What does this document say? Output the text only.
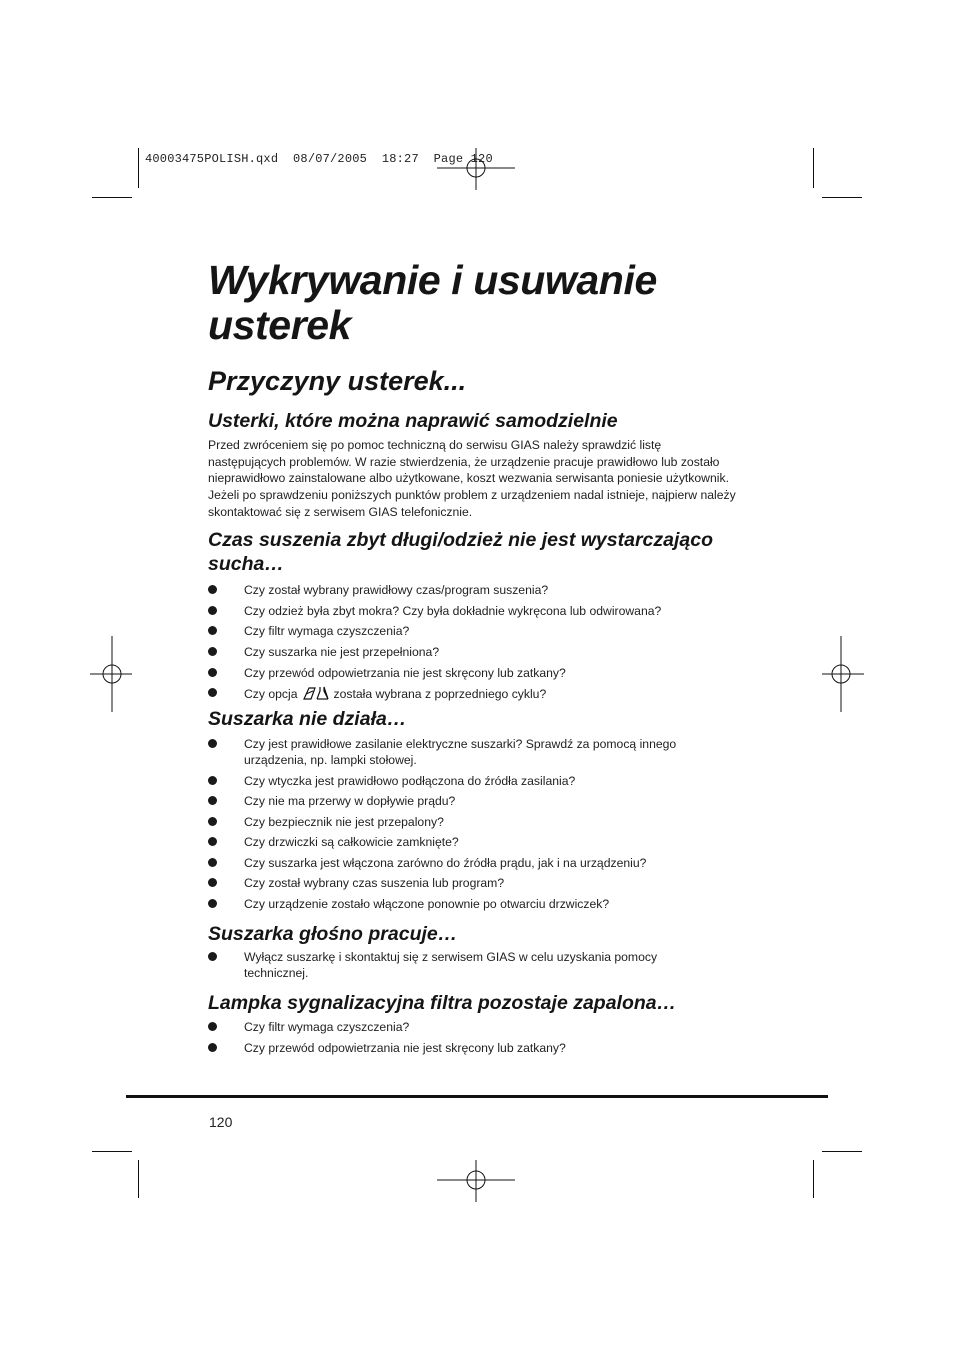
40003475POLISH.qxd  08/07/2005  18:27  Page 120
Wykrywanie i usuwanie usterek
Przyczyny usterek...
Usterki, które można naprawić samodzielnie

Przed zwróceniem się po pomoc techniczną do serwisu GIAS należy sprawdzić listę następujących problemów. W razie stwierdzenia, że urządzenie pracuje prawidłowo lub zostało nieprawidłowo zainstalowane albo użytkowane, koszt wezwania serwisanta poniesie użytkownik. Jeżeli po sprawdzeniu poniższych punktów problem z urządzeniem nadal istnieje, najpierw należy skontaktować się z serwisem GIAS telefonicznie.

Czas suszenia zbyt długi/odzież nie jest wystarczająco sucha…
Czy został wybrany prawidłowy czas/program suszenia?
Czy odzież była zbyt mokra? Czy była dokładnie wykręcona lub odwirowana?
Czy filtr wymaga czyszczenia?
Czy suszarka nie jest przepełniona?
Czy przewód odpowietrzania nie jest skręcony lub zatkany?
Czy opcja	została wybrana z poprzedniego cyklu?
Suszarka nie działa…
Czy jest prawidłowe zasilanie elektryczne suszarki? Sprawdź za pomocą innego urządzenia, np. lampki stołowej.
Czy wtyczka jest prawidłowo podłączona do źródła zasilania?
Czy nie ma przerwy w dopływie prądu?
Czy bezpiecznik nie jest przepalony?
Czy drzwiczki są całkowicie zamknięte?
Czy suszarka jest włączona zarówno do źródła prądu, jak i na urządzeniu?
Czy został wybrany czas suszenia lub program?
Czy urządzenie zostało włączone ponownie po otwarciu drzwiczek?
Suszarka głośno pracuje…
Wyłącz suszarkę i skontaktuj się z serwisem GIAS w celu uzyskania pomocy technicznej.
Lampka sygnalizacyjna filtra pozostaje zapalona…
Czy filtr wymaga czyszczenia?
Czy przewód odpowietrzania nie jest skręcony lub zatkany?
120
